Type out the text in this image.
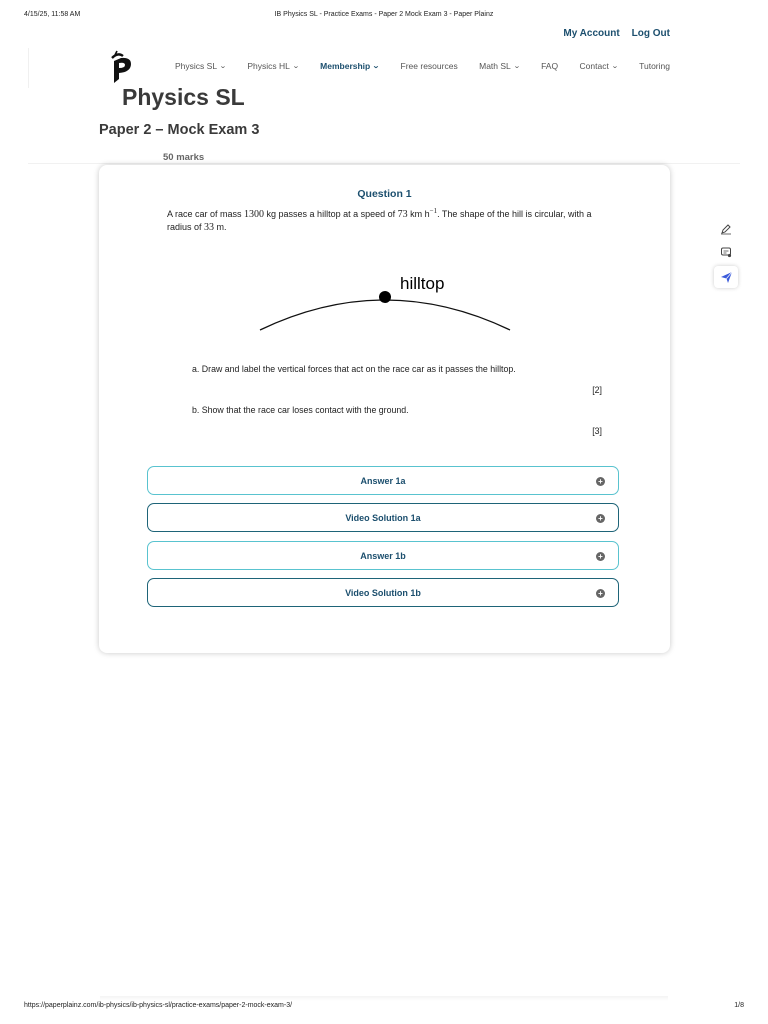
4/15/25, 11:58 AM	IB Physics SL - Practice Exams - Paper 2 Mock Exam 3 - Paper Plainz
My Account Log Out
Physics SL ⌄ Physics HL ⌄ Membership ⌄ Free resources	Math SL ⌄ FAQ	Contact ⌄ Tutoring
Physics SL
Paper 2 – Mock Exam 3
50 marks
Question 1
A race car of mass 1300 kg passes a hilltop at a speed of 73 km $h^{-1}$. The shape of the hill is circular, with a radius of 33 m.
hilltop
a. Draw and label the vertical forces that act on the race car as it passes the hilltop.
[2]
b. Show that the race car loses contact with the ground.
[3]
Answer 1a	+
Video Solution 1a	+
Answer 1b	+
Video Solution 1b	+
https://paperplainz.com/ib-physics/ib-physics-sl/practice-exams/paper-2-mock-exam-3/	1/8
